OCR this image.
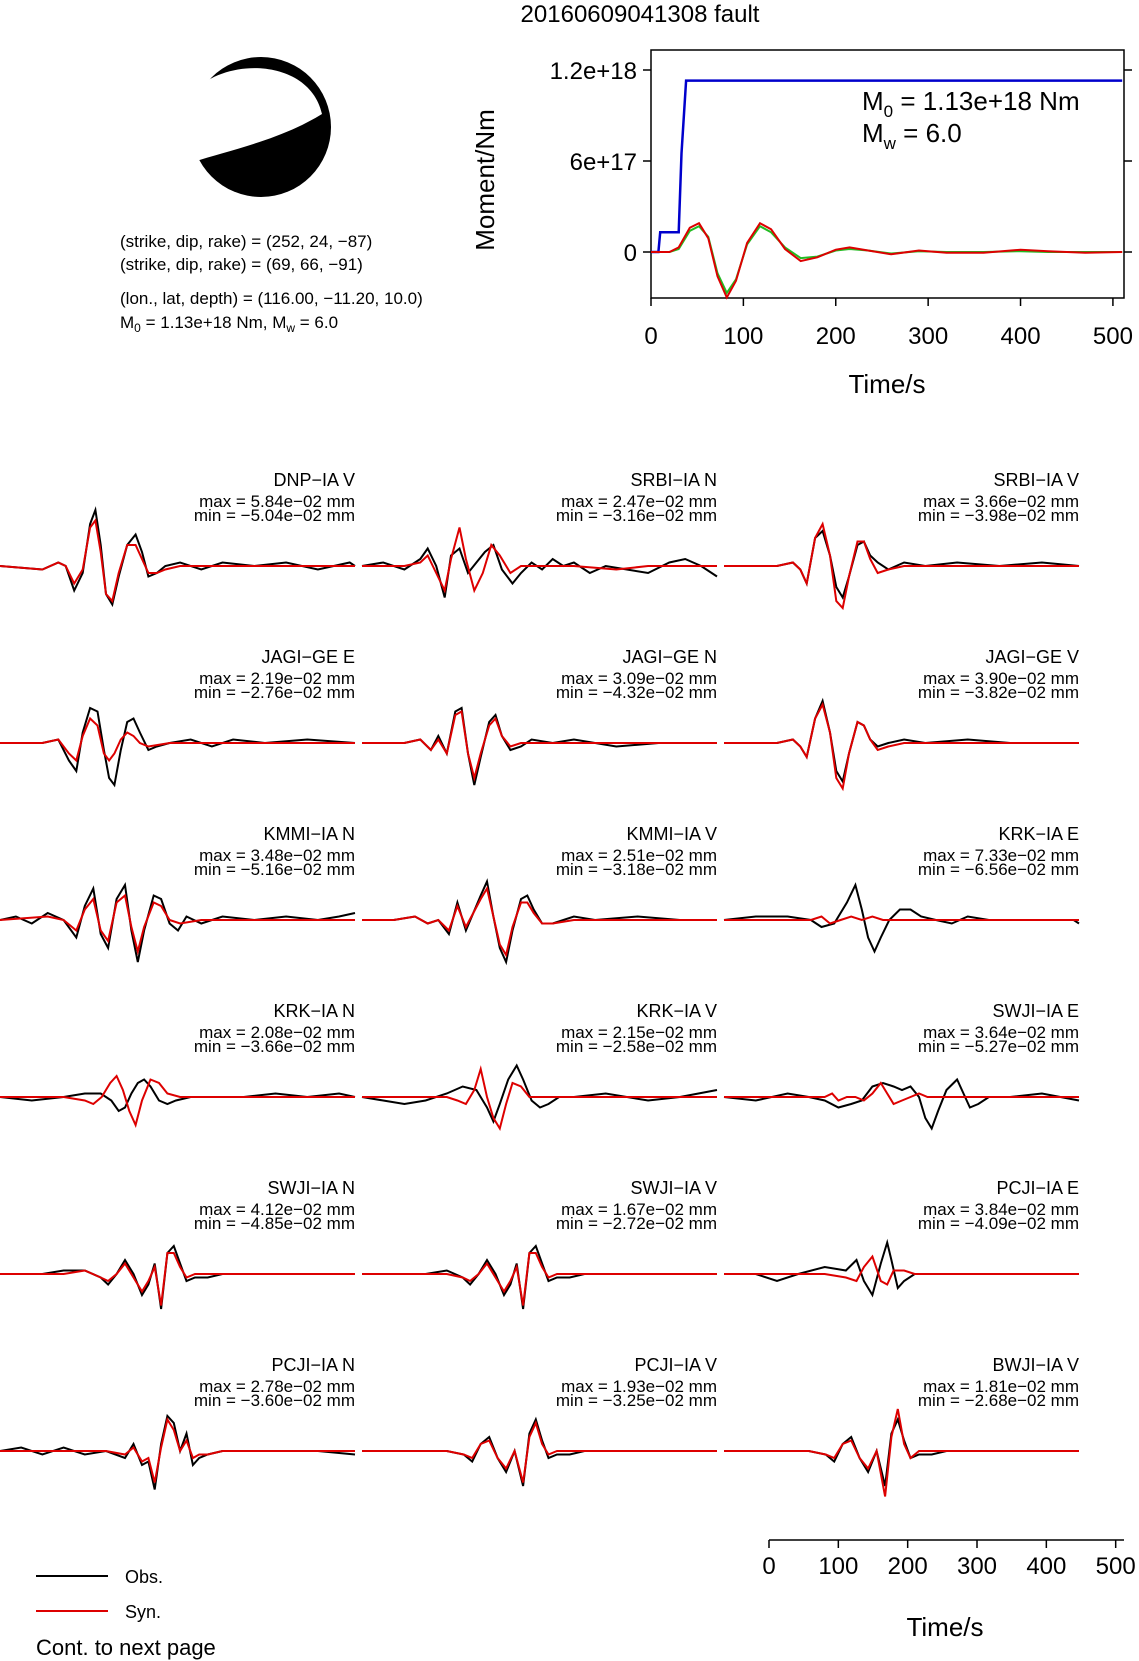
20160609041308 fault
(strike, dip, rake) = (252, 24, −87)
(strike, dip, rake) = (69, 66, −91)
(lon., lat, depth) = (116.00, −11.20, 10.0)
$M_0 = 1.13e+18$ Nm, $M_w = 6.0$
1.2e+18
6e+17
0
0	100 200 300 400 500
Moment/Nm
Time/s
$M_0 = 1.13e+18$ Nm
$M_w = 6.0$
DNP−IA V
max = 5.84e−02 mm
min = −5.04e−02 mm
SRBI−IA N
max = 2.47e−02 mm
min = −3.16e−02 mm
SRBI−IA V
max = 3.66e−02 mm
min = −3.98e−02 mm
JAGI−GE E
max = 2.19e−02 mm
min = −2.76e−02 mm
JAGI−GE N
max = 3.09e−02 mm
min = −4.32e−02 mm
JAGI−GE V
max = 3.90e−02 mm
min = −3.82e−02 mm
KMMI−IA N
max = 3.48e−02 mm
min = −5.16e−02 mm
KMMI−IA V
max = 2.51e−02 mm
min = −3.18e−02 mm
KRK−IA E
max = 7.33e−02 mm
min = −6.56e−02 mm
KRK−IA N
max = 2.08e−02 mm
min = −3.66e−02 mm
KRK−IA V
max = 2.15e−02 mm
min = −2.58e−02 mm
SWJI−IA E
max = 3.64e−02 mm
min = −5.27e−02 mm
SWJI−IA N
max = 4.12e−02 mm
min = −4.85e−02 mm
SWJI−IA V
max = 1.67e−02 mm
min = −2.72e−02 mm
PCJI−IA E
max = 3.84e−02 mm
min = −4.09e−02 mm
PCJI−IA N
max = 2.78e−02 mm
min = −3.60e−02 mm
PCJI−IA V
max = 1.93e−02 mm
min = −3.25e−02 mm
BWJI−IA V
max = 1.81e−02 mm
min = −2.68e−02 mm
Time/s
0 100 200 300 400 500
Obs.
Syn.
Cont. to next page
